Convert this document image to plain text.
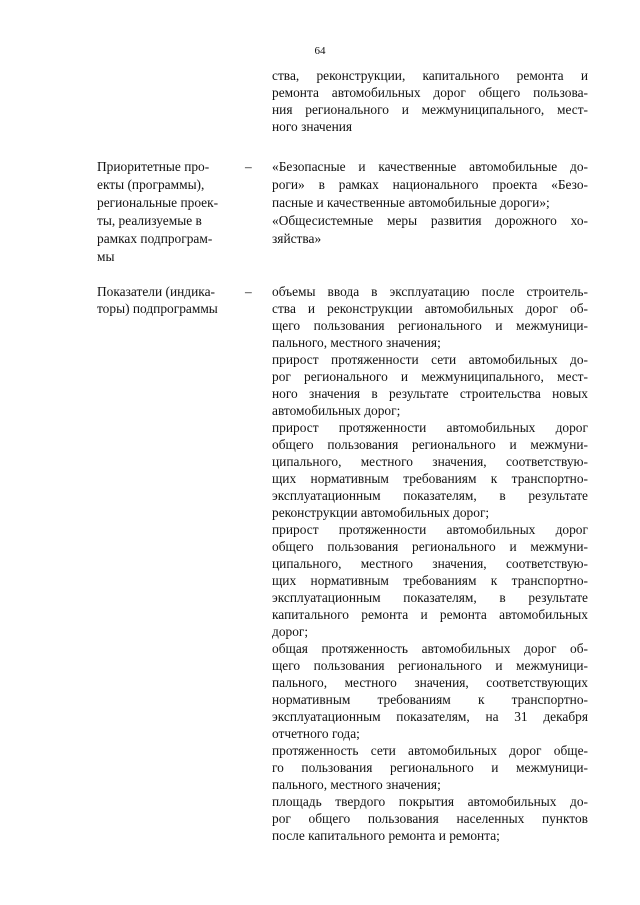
64
ства, реконструкции, капитального ремонта и
ремонта автомобильных дорог общего пользова-
ния регионального и межмуниципального, мест-
ного значения
Приоритетные про-
екты (программы),
региональные проек-
ты, реализуемые в
рамках подпрограм-
мы
– «Безопасные и качественные автомобильные до-
роги» в рамках национального проекта «Безо-
пасные и качественные автомобильные дороги»;
«Общесистемные меры развития дорожного хо-
зяйства»
Показатели (индика-
торы) подпрограммы
– объемы ввода в эксплуатацию после строитель-
ства и реконструкции автомобильных дорог об-
щего пользования регионального и межмуници-
пального, местного значения;
прирост протяженности сети автомобильных до-
рог регионального и межмуниципального, мест-
ного значения в результате строительства новых
автомобильных дорог;
прирост протяженности автомобильных дорог
общего пользования регионального и межмуни-
ципального, местного значения, соответствую-
щих нормативным требованиям к транспортно-
эксплуатационным показателям, в результате
реконструкции автомобильных дорог;
прирост протяженности автомобильных дорог
общего пользования регионального и межмуни-
ципального, местного значения, соответствую-
щих нормативным требованиям к транспортно-
эксплуатационным показателям, в результате
капитального ремонта и ремонта автомобильных
дорог;
общая протяженность автомобильных дорог об-
щего пользования регионального и межмуници-
пального, местного значения, соответствующих
нормативным требованиям к транспортно-
эксплуатационным показателям, на 31 декабря
отчетного года;
протяженность сети автомобильных дорог обще-
го пользования регионального и межмуници-
пального, местного значения;
площадь твердого покрытия автомобильных до-
рог общего пользования населенных пунктов
после капитального ремонта и ремонта;
